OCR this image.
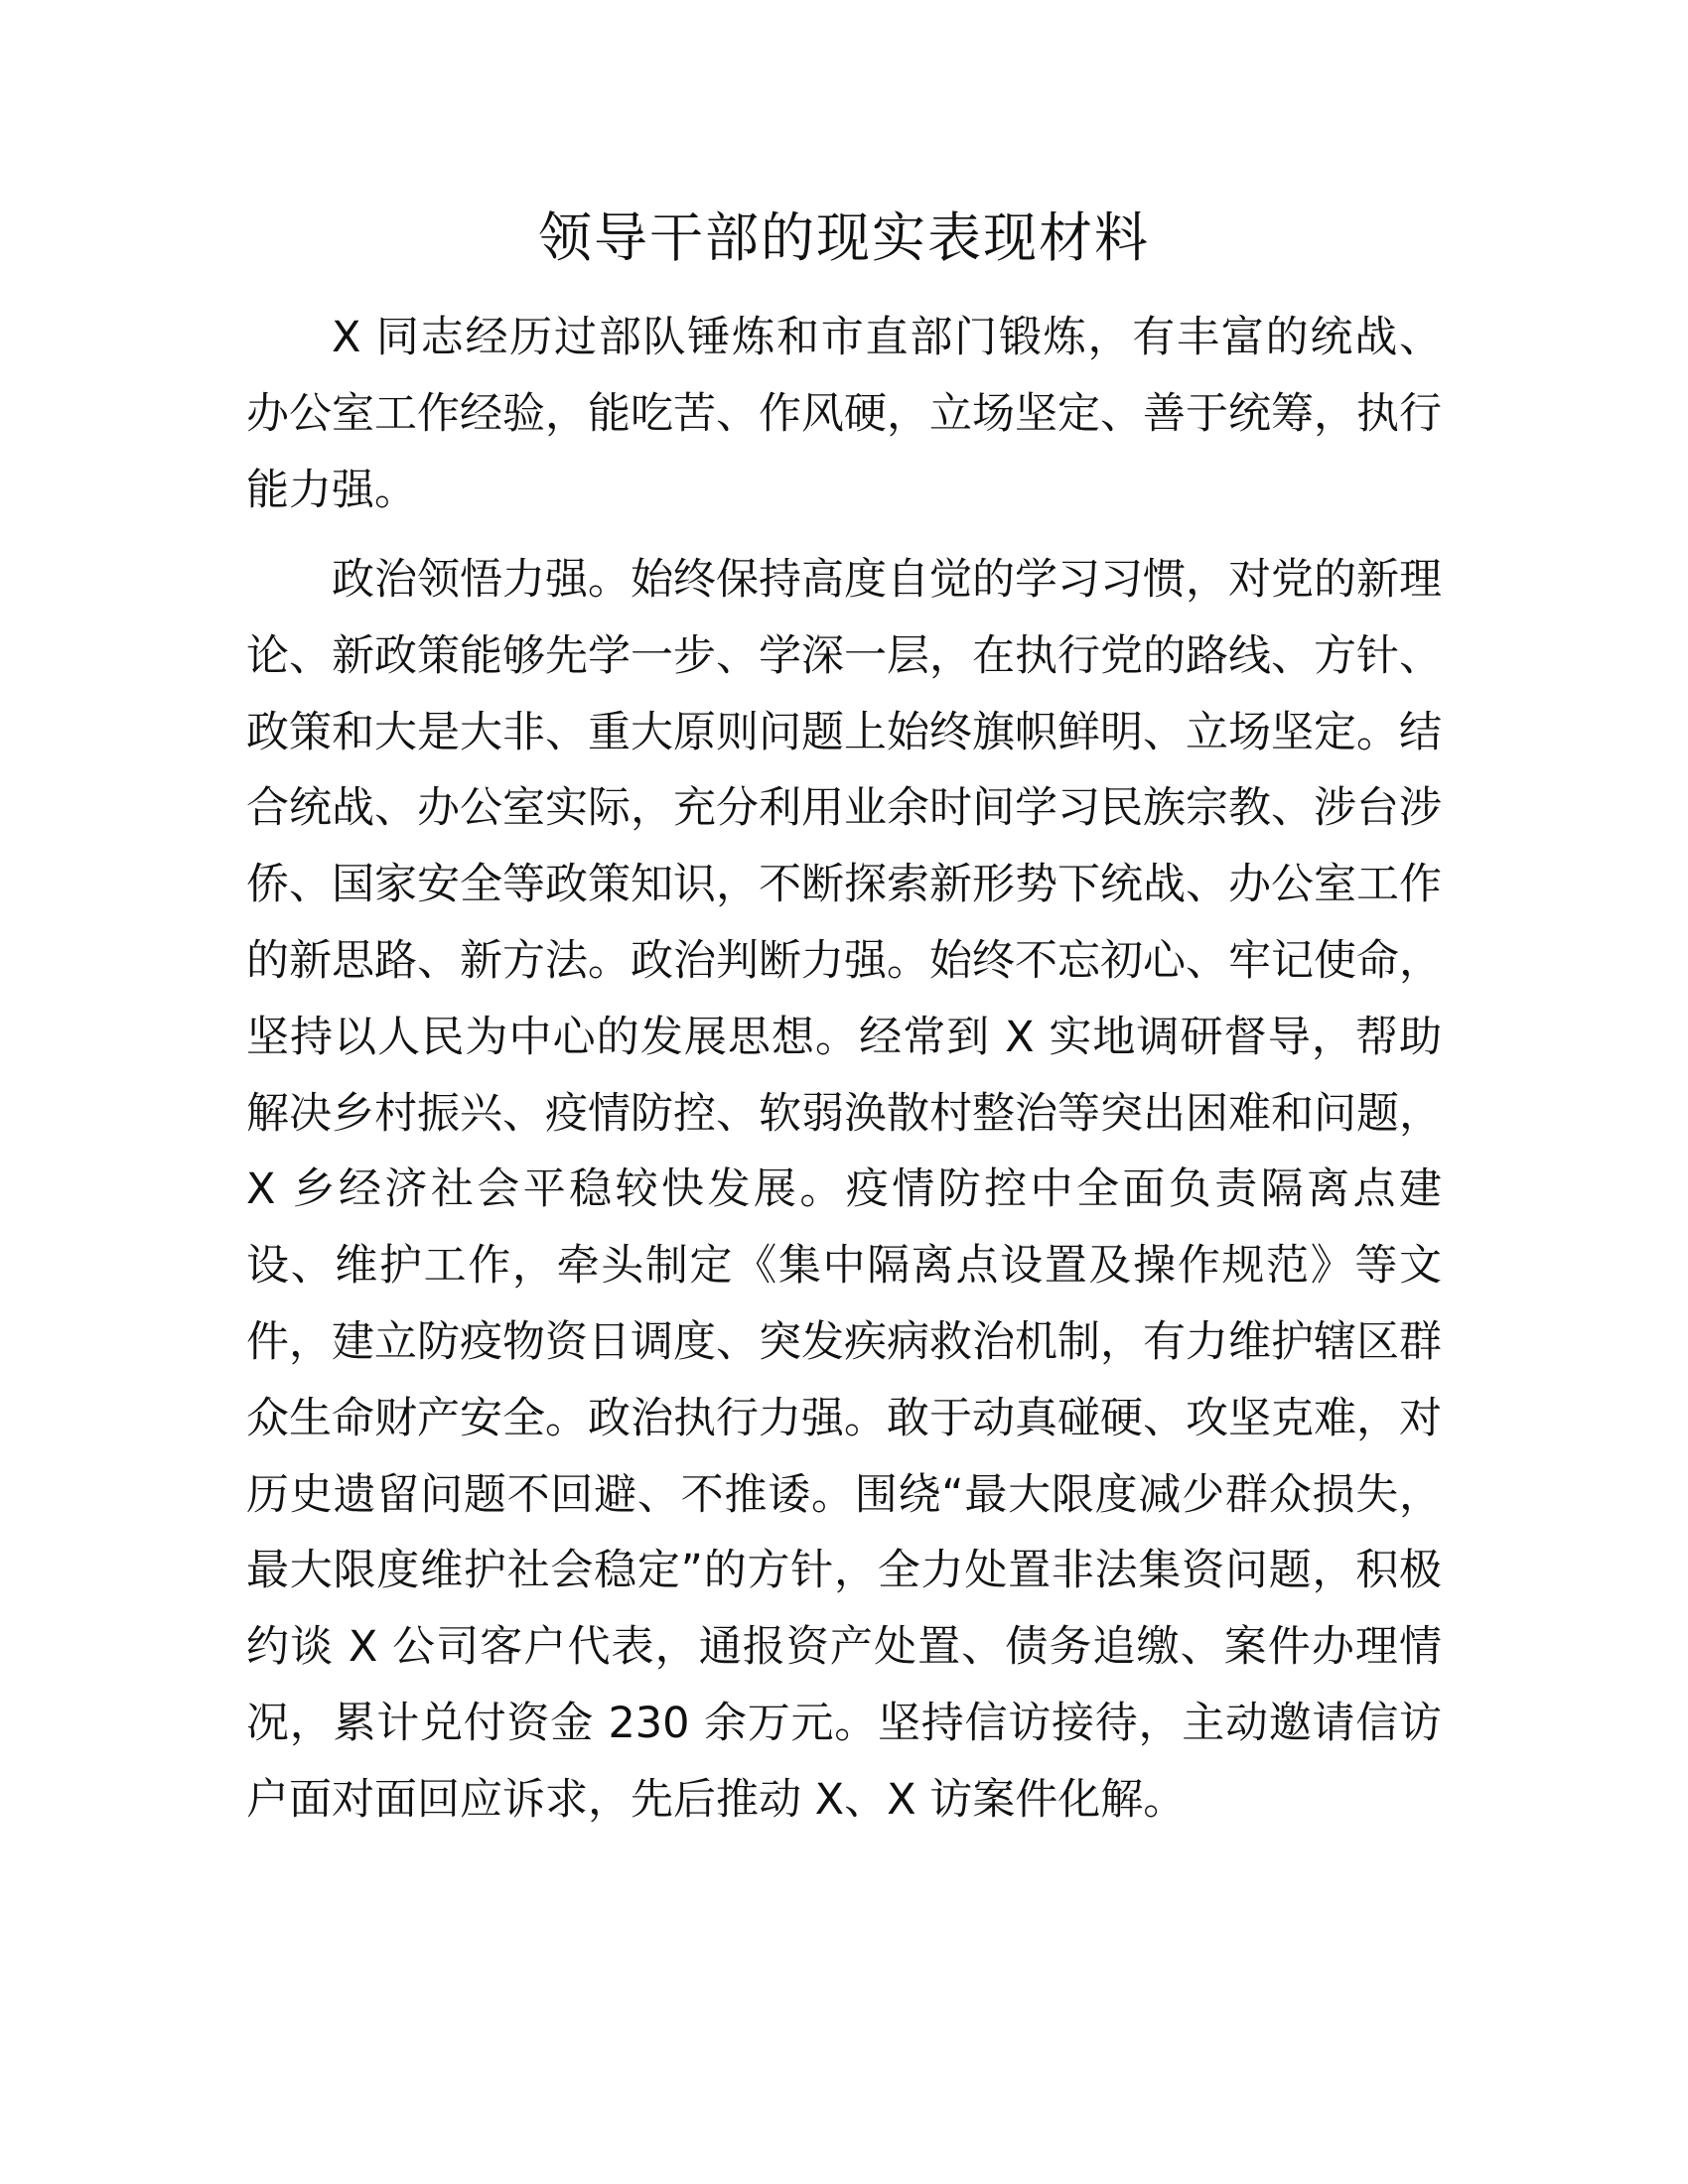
领导干部的现实表现材料

X 同志经历过部队锤炼和市直部门锻炼，有丰富的统战、办公室工作经验，能吃苦、作风硬，立场坚定、善于统筹，执行能力强。

政治领悟力强。始终保持高度自觉的学习习惯，对党的新理论、新政策能够先学一步、学深一层，在执行党的路线、方针、政策和大是大非、重大原则问题上始终旗帜鲜明、立场坚定。结合统战、办公室实际，充分利用业余时间学习民族宗教、涉台涉侨、国家安全等政策知识，不断探索新形势下统战、办公室工作的新思路、新方法。政治判断力强。始终不忘初心、牢记使命，坚持以人民为中心的发展思想。经常到 X 实地调研督导，帮助解决乡村振兴、疫情防控、软弱涣散村整治等突出困难和问题，X 乡经济社会平稳较快发展。疫情防控中全面负责隔离点建设、维护工作，牵头制定《集中隔离点设置及操作规范》等文件，建立防疫物资日调度、突发疾病救治机制，有力维护辖区群众生命财产安全。政治执行力强。敢于动真碰硬、攻坚克难，对历史遗留问题不回避、不推诿。围绕“最大限度减少群众损失，最大限度维护社会稳定”的方针，全力处置非法集资问题，积极约谈 X 公司客户代表，通报资产处置、债务追缴、案件办理情况，累计兑付资金 230 余万元。坚持信访接待，主动邀请信访户面对面回应诉求，先后推动 X、X 访案件化解。
